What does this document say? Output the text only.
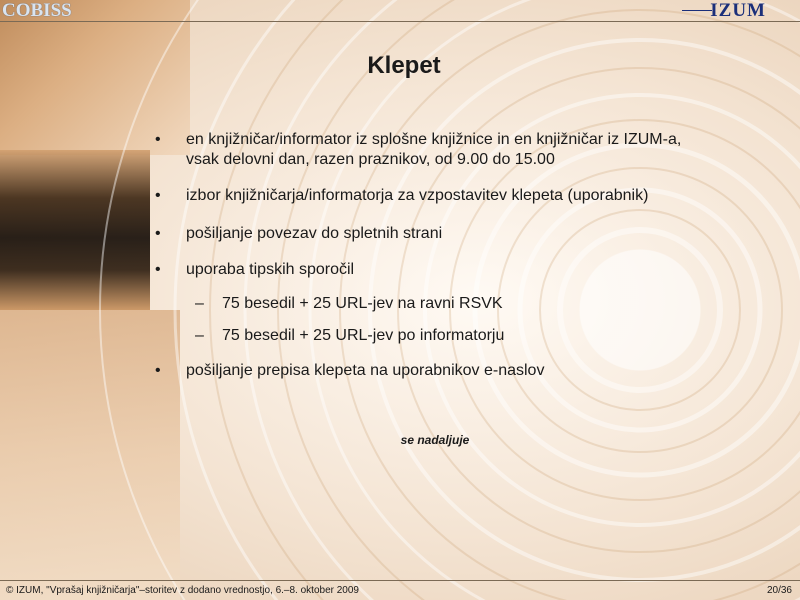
COBISS	IZUM
Klepet
•	en knjižničar/informator iz splošne knjižnice in en knjižničar iz IZUM-a,
vsak delovni dan, razen praznikov, od 9.00 do 15.00
•	izbor knjižničarja/informatorja za vzpostavitev klepeta (uporabnik)
•	pošiljanje povezav do spletnih strani
•	uporaba tipskih sporočil
– 75 besedil + 25 URL-jev na ravni RSVK
– 75 besedil + 25 URL-jev po informatorju
•	pošiljanje prepisa klepeta na uporabnikov e-naslov
se nadaljuje
© IZUM, "Vprašaj knjižničarja"–storitev z dodano vrednostjo, 6.–8. oktober 2009	20/36
